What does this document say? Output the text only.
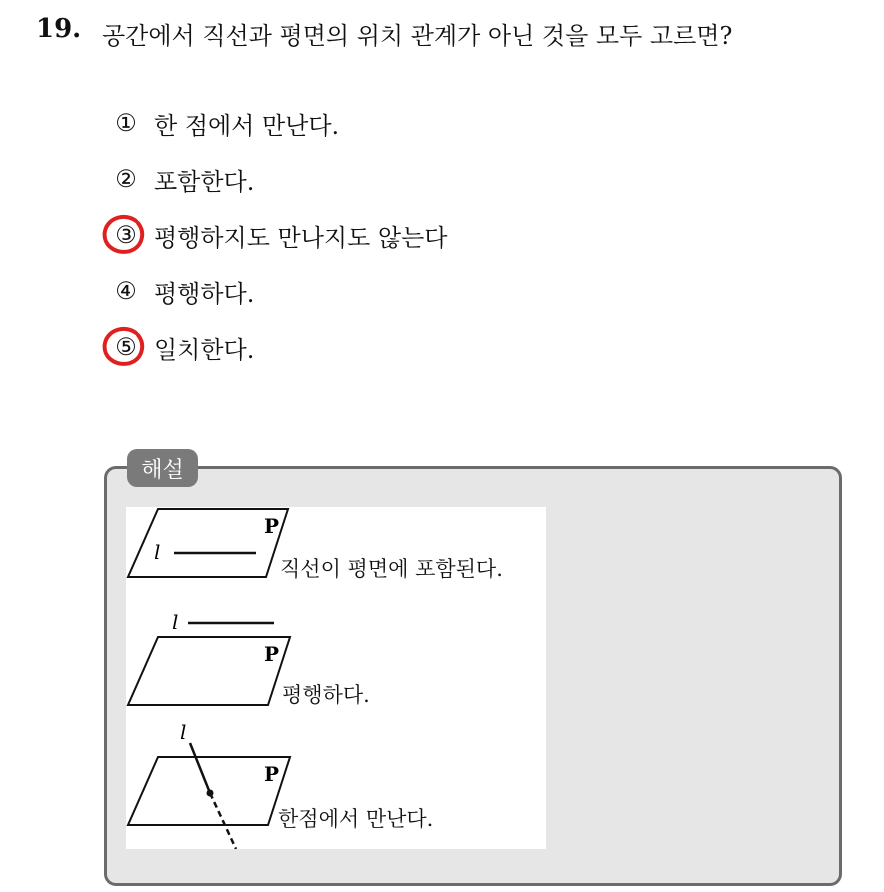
19. 공간에서 직선과 평면의 위치 관계가 아닌 것을 모두 고르면?
① 한 점에서 만난다.
② 포함한다.
③ 평행하지도 만나지도 않는다
④ 평행하다.
⑤ 일치한다.
해설
l
P
l
P
l
P
직선이 평면에 포함된다.
평행하다.
한점에서 만난다.
